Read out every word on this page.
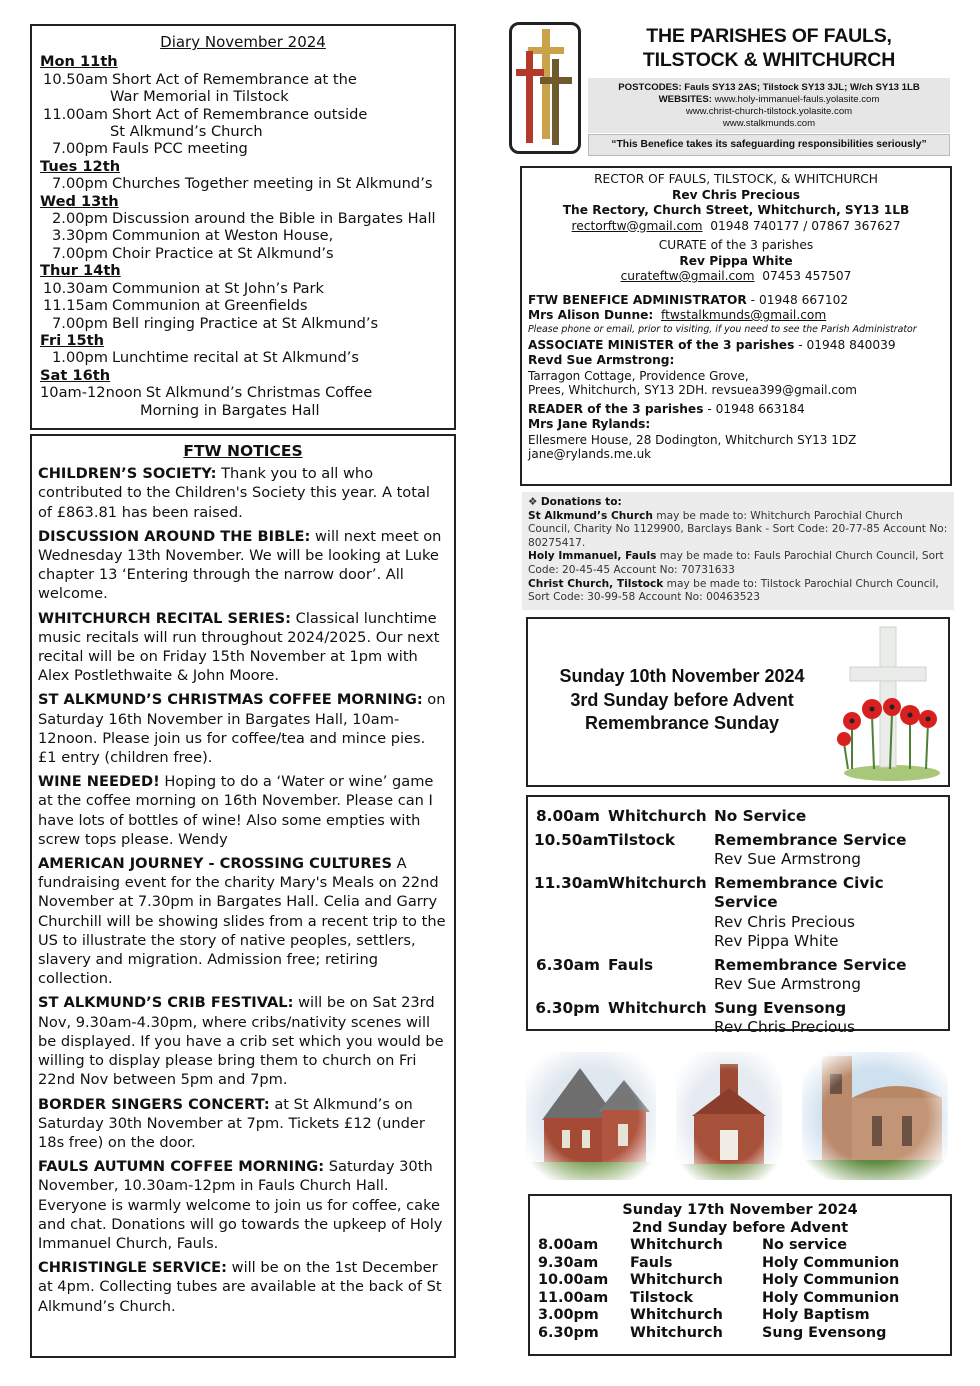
Diary November 2024
Mon 11th
10.50am Short Act of Remembrance at the
War Memorial in Tilstock
11.00am Short Act of Remembrance outside
St Alkmund’s Church
7.00pm Fauls PCC meeting
Tues 12th
7.00pm Churches Together meeting in St Alkmund’s
Wed 13th
2.00pm Discussion around the Bible in Bargates Hall
3.30pm Communion at Weston House,
7.00pm Choir Practice at St Alkmund’s
Thur 14th
10.30am Communion at St John’s Park
11.15am Communion at Greenfields
7.00pm Bell ringing Practice at St Alkmund’s
Fri 15th
1.00pm Lunchtime recital at St Alkmund’s
Sat 16th
10am-12noon St Alkmund’s Christmas Coffee
Morning in Bargates Hall
FTW NOTICES
CHILDREN’S SOCIETY: Thank you to all who contributed to the Children's Society this year. A total of £863.81 has been raised.
DISCUSSION AROUND THE BIBLE: will next meet on Wednesday 13th November. We will be looking at Luke chapter 13 ‘Entering through the narrow door’. All welcome.
WHITCHURCH RECITAL SERIES: Classical lunchtime music recitals will run throughout 2024/2025. Our next recital will be on Friday 15th November at 1pm with Alex Postlethwaite & John Moore.
ST ALKMUND’S CHRISTMAS COFFEE MORNING: on Saturday 16th November in Bargates Hall, 10am-12noon. Please join us for coffee/tea and mince pies. £1 entry (children free).
WINE NEEDED! Hoping to do a ‘Water or wine’ game at the coffee morning on 16th November. Please can I have lots of bottles of wine! Also some empties with screw tops please. Wendy
AMERICAN JOURNEY - CROSSING CULTURES A fundraising event for the charity Mary's Meals on 22nd November at 7.30pm in Bargates Hall. Celia and Garry Churchill will be showing slides from a recent trip to the US to illustrate the story of native peoples, settlers, slavery and migration. Admission free; retiring collection.
ST ALKMUND’S CRIB FESTIVAL: will be on Sat 23rd Nov, 9.30am-4.30pm, where cribs/nativity scenes will be displayed. If you have a crib set which you would be willing to display please bring them to church on Fri 22nd Nov between 5pm and 7pm.
BORDER SINGERS CONCERT: at St Alkmund’s on Saturday 30th November at 7pm. Tickets £12 (under 18s free) on the door.
FAULS AUTUMN COFFEE MORNING: Saturday 30th November, 10.30am-12pm in Fauls Church Hall. Everyone is warmly welcome to join us for coffee, cake and chat. Donations will go towards the upkeep of Holy Immanuel Church, Fauls.
CHRISTINGLE SERVICE: will be on the 1st December at 4pm. Collecting tubes are available at the back of St Alkmund’s Church.
THE PARISHES OF FAULS,
TILSTOCK & WHITCHURCH
POSTCODES: Fauls SY13 2AS; Tilstock SY13 3JL; W/ch SY13 1LB
WEBSITES: www.holy-immanuel-fauls.yolasite.com
www.christ-church-tilstock.yolasite.com
www.stalkmunds.com
“This Benefice takes its safeguarding responsibilities seriously”
RECTOR OF FAULS, TILSTOCK, & WHITCHURCH
Rev Chris Precious
The Rectory, Church Street, Whitchurch, SY13 1LB
rectorftw@gmail.com 01948 740177 / 07867 367627
CURATE of the 3 parishes
Rev Pippa White
curateftw@gmail.com 07453 457507
FTW BENEFICE ADMINISTRATOR - 01948 667102
Mrs Alison Dunne: ftwstalkmunds@gmail.com
Please phone or email, prior to visiting, if you need to see the Parish Administrator
ASSOCIATE MINISTER of the 3 parishes - 01948 840039
Revd Sue Armstrong:
Tarragon Cottage, Providence Grove,
Prees, Whitchurch, SY13 2DH. revsuea399@gmail.com
READER of the 3 parishes - 01948 663184
Mrs Jane Rylands:
Ellesmere House, 28 Dodington, Whitchurch SY13 1DZ
jane@rylands.me.uk
❖ Donations to:
St Alkmund’s Church may be made to: Whitchurch Parochial Church Council, Charity No 1129900, Barclays Bank - Sort Code: 20-77-85 Account No: 80275417.
Holy Immanuel, Fauls may be made to: Fauls Parochial Church Council, Sort Code: 20-45-45 Account No: 70731633
Christ Church, Tilstock may be made to: Tilstock Parochial Church Council, Sort Code: 30-99-58 Account No: 00463523
Sunday 10th November 2024
3rd Sunday before Advent
Remembrance Sunday
8.00am Whitchurch No Service
10.50am Tilstock	Remembrance Service
Rev Sue Armstrong
11.30am Whitchurch Remembrance Civic Service
Rev Chris Precious
Rev Pippa White
6.30am Fauls	Remembrance Service
Rev Sue Armstrong
6.30pm Whitchurch Sung Evensong
Rev Chris Precious
Sunday 17th November 2024
2nd Sunday before Advent
8.00am	Whitchurch	No service
9.30am	Fauls	Holy Communion
10.00am	Whitchurch	Holy Communion
11.00am	Tilstock	Holy Communion
3.00pm	Whitchurch	Holy Baptism
6.30pm	Whitchurch	Sung Evensong
